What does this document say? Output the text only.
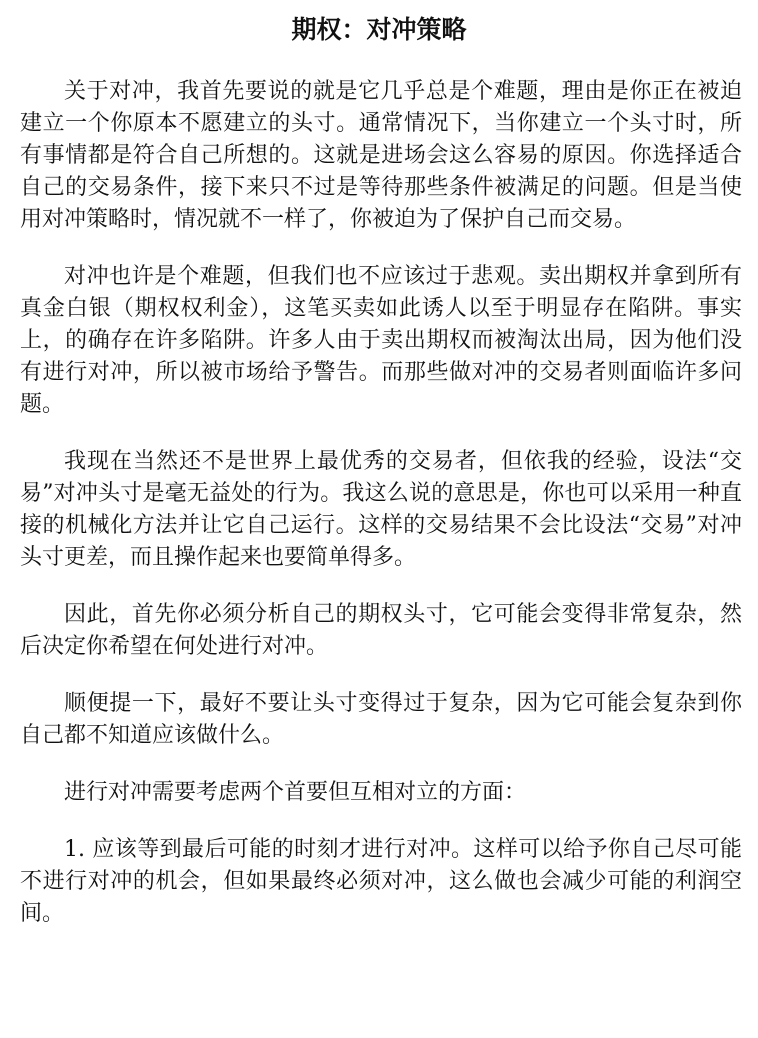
期权：对冲策略

关于对冲，我首先要说的就是它几乎总是个难题，理由是你正在被迫建立一个你原本不愿建立的头寸。通常情况下，当你建立一个头寸时，所有事情都是符合自己所想的。这就是进场会这么容易的原因。你选择适合自己的交易条件，接下来只不过是等待那些条件被满足的问题。但是当使用对冲策略时，情况就不一样了，你被迫为了保护自己而交易。

对冲也许是个难题，但我们也不应该过于悲观。卖出期权并拿到所有真金白银（期权权利金），这笔买卖如此诱人以至于明显存在陷阱。事实上，的确存在许多陷阱。许多人由于卖出期权而被淘汰出局，因为他们没有进行对冲，所以被市场给予警告。而那些做对冲的交易者则面临许多问题。

我现在当然还不是世界上最优秀的交易者，但依我的经验，设法“交易”对冲头寸是毫无益处的行为。我这么说的意思是，你也可以采用一种直接的机械化方法并让它自己运行。这样的交易结果不会比设法“交易”对冲头寸更差，而且操作起来也要简单得多。

因此，首先你必须分析自己的期权头寸，它可能会变得非常复杂，然后决定你希望在何处进行对冲。

顺便提一下，最好不要让头寸变得过于复杂，因为它可能会复杂到你自己都不知道应该做什么。

进行对冲需要考虑两个首要但互相对立的方面：

1. 应该等到最后可能的时刻才进行对冲。这样可以给予你自己尽可能不进行对冲的机会，但如果最终必须对冲，这么做也会减少可能的利润空间。
